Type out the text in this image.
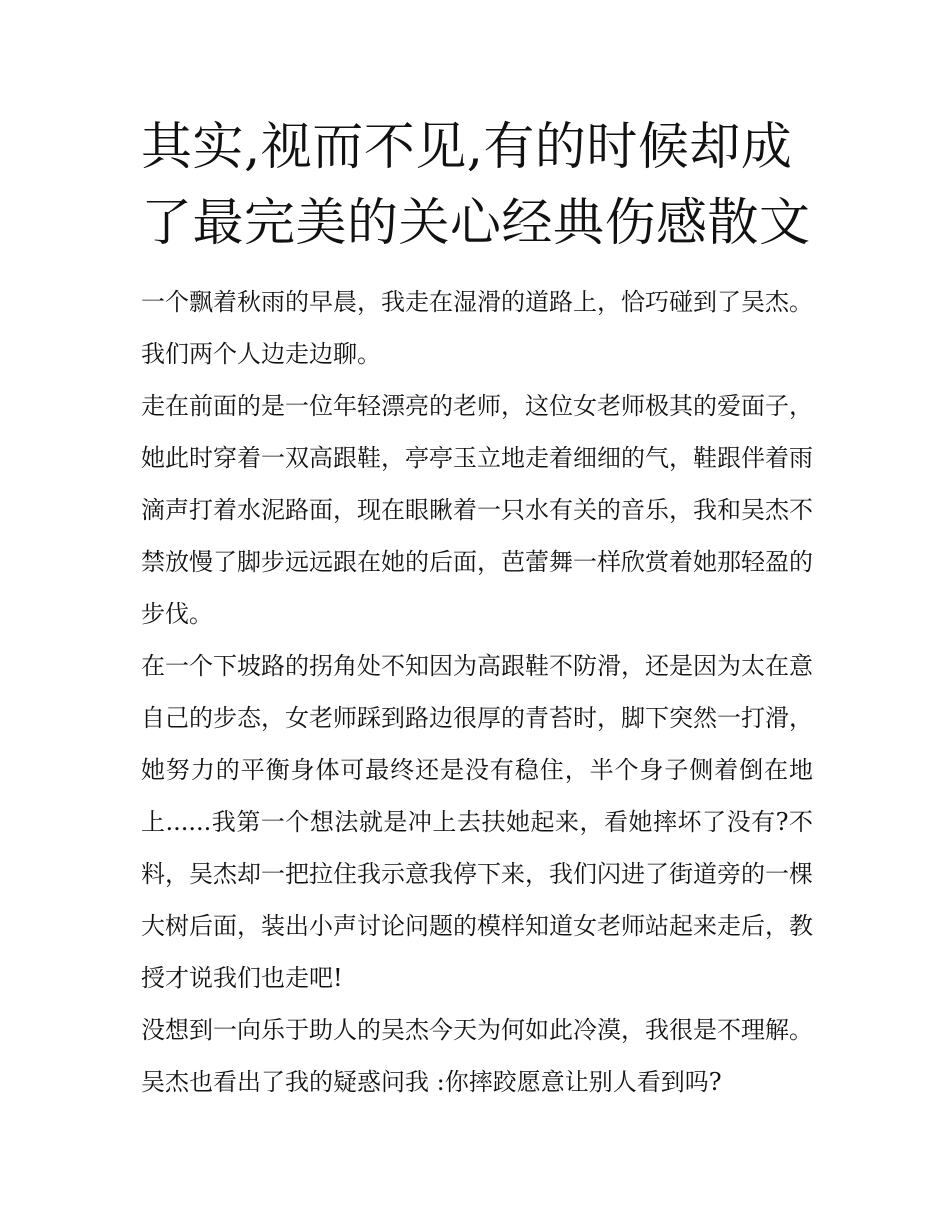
其实,视而不见,有的时候却成了最完美的关心经典伤感散文

一个飘着秋雨的早晨，我走在湿滑的道路上，恰巧碰到了吴杰。我们两个人边走边聊。

走在前面的是一位年轻漂亮的老师，这位女老师极其的爱面子，她此时穿着一双高跟鞋，亭亭玉立地走着细细的气，鞋跟伴着雨滴声打着水泥路面，现在眼瞅着一只水有关的音乐，我和吴杰不禁放慢了脚步远远跟在她的后面，芭蕾舞一样欣赏着她那轻盈的步伐。

在一个下坡路的拐角处不知因为高跟鞋不防滑，还是因为太在意自己的步态，女老师踩到路边很厚的青苔时，脚下突然一打滑，她努力的平衡身体可最终还是没有稳住，半个身子侧着倒在地上......我第一个想法就是冲上去扶她起来，看她摔坏了没有?不料，吴杰却一把拉住我示意我停下来，我们闪进了街道旁的一棵大树后面，装出小声讨论问题的模样知道女老师站起来走后，教授才说我们也走吧!

没想到一向乐于助人的吴杰今天为何如此冷漠，我很是不理解。吴杰也看出了我的疑惑问我 :你摔跤愿意让别人看到吗?
